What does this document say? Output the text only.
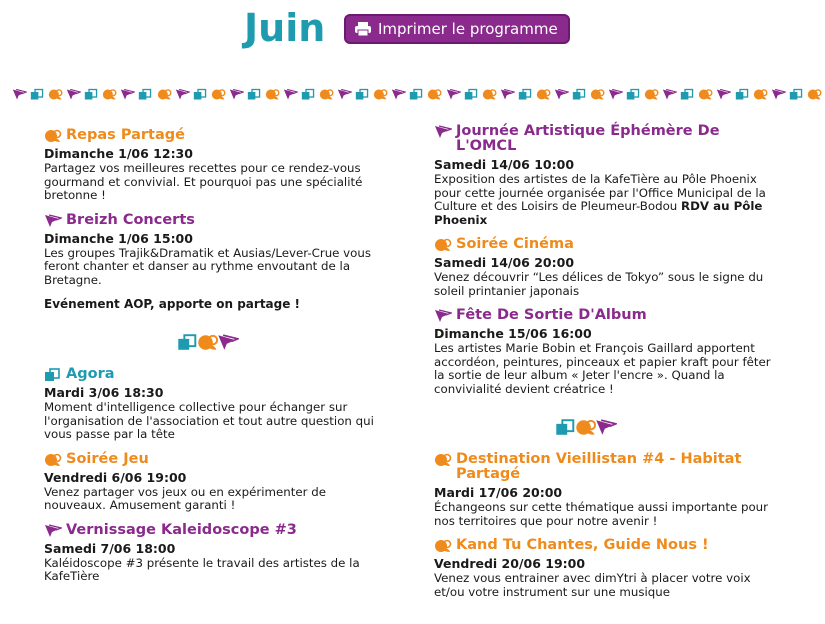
Juin	Imprimer le programme
Repas Partagé
Dimanche 1/06 12:30
Partagez vos meilleures recettes pour ce rendez-vous gourmand et convivial. Et pourquoi pas une spécialité bretonne !
Breizh Concerts
Dimanche 1/06 15:00
Les groupes Trajik&Dramatik et Ausias/Lever-Crue vous feront chanter et danser au rythme envoutant de la Bretagne.
Evénement AOP, apporte on partage !
Agora
Mardi 3/06 18:30
Moment d'intelligence collective pour échanger sur l'organisation de l'association et tout autre question qui vous passe par la tête
Soirée Jeu
Vendredi 6/06 19:00
Venez partager vos jeux ou en expérimenter de nouveaux. Amusement garanti !
Vernissage Kaleidoscope #3
Samedi 7/06 18:00
Kaléidoscope #3 présente le travail des artistes de la KafeTière
Journée Artistique Éphémère De L'OMCL
Samedi 14/06 10:00
Exposition des artistes de la KafeTière au Pôle Phoenix pour cette journée organisée par l'Office Municipal de la Culture et des Loisirs de Pleumeur-Bodou RDV au Pôle Phoenix
Soirée Cinéma
Samedi 14/06 20:00
Venez découvrir “Les délices de Tokyo” sous le signe du soleil printanier japonais
Fête De Sortie D'Album
Dimanche 15/06 16:00
Les artistes Marie Bobin et François Gaillard apportent accordéon, peintures, pinceaux et papier kraft pour fêter la sortie de leur album « Jeter l'encre ». Quand la convivialité devient créatrice !
Destination Vieillistan #4 - Habitat Partagé
Mardi 17/06 20:00
Échangeons sur cette thématique aussi importante pour nos territoires que pour notre avenir !
Kand Tu Chantes, Guide Nous !
Vendredi 20/06 19:00
Venez vous entrainer avec dimYtri à placer votre voix et/ou votre instrument sur une musique
